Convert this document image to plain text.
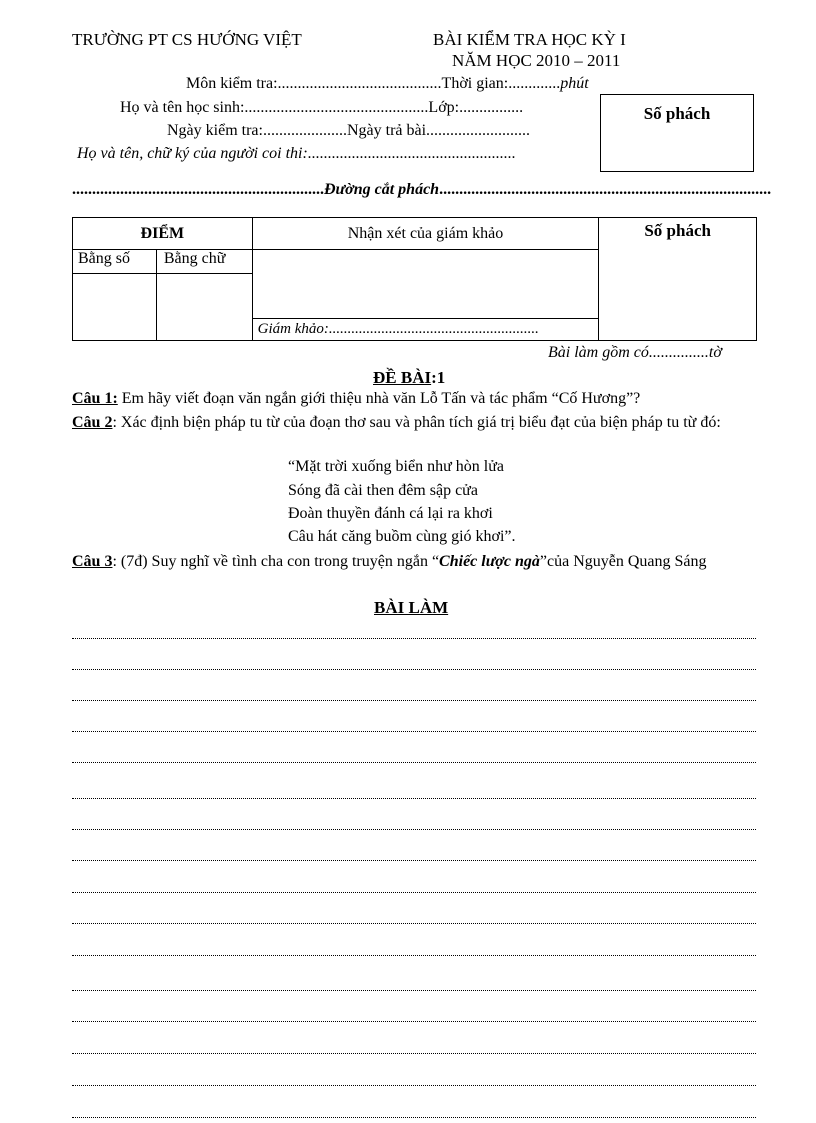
TRƯỜNG PT CS HƯỚNG VIỆT	BÀI KIỂM TRA HỌC KỲ I
NĂM HỌC 2010 – 2011
Môn kiểm tra:.........................................Thời gian:.............phút
Họ và tên học sinh:..............................................Lớp:................
Ngày kiểm tra:.....................Ngày trả bài..........................
Họ và tên, chữ ký của người coi thi:....................................................
Số phách
...............................................................Đường cắt phách...................................................................................
ĐIỂM		Nhận xét của giám khảo	Số phách

Bằng số	Bằng chữ		

		Giám khảo:........................................................	
Bài làm gồm có...............tờ
ĐỀ BÀI:1
Câu 1: Em hãy viết đoạn văn ngắn giới thiệu nhà văn Lỗ Tấn và tác phẩm “Cố Hương”?
Câu 2: Xác định biện pháp tu từ của đoạn thơ sau và phân tích giá trị biểu đạt của biện pháp tu từ đó:
“Mặt trời xuống biển như hòn lửa
Sóng đã cài then đêm sập cửa
Đoàn thuyền đánh cá lại ra khơi
Câu hát căng buồm cùng gió khơi”.
Câu 3: (7đ) Suy nghĩ về tình cha con trong truyện ngắn “Chiếc lược ngà”của Nguyễn Quang Sáng
BÀI LÀM
